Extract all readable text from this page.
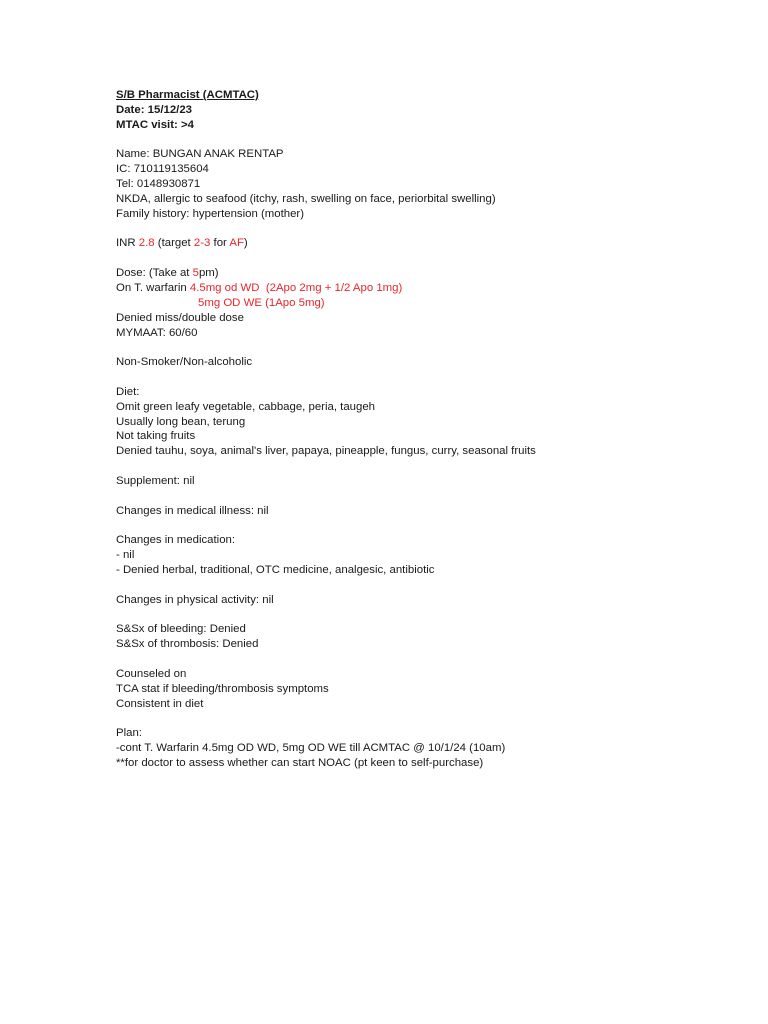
S/B Pharmacist (ACMTAC)
Date: 15/12/23
MTAC visit: >4
Name: BUNGAN ANAK RENTAP
IC: 710119135604
Tel: 0148930871
NKDA, allergic to seafood (itchy, rash, swelling on face, periorbital swelling)
Family history: hypertension (mother)
INR 2.8 (target 2-3 for AF)
Dose: (Take at 5pm)
On T. warfarin 4.5mg od WD  (2Apo 2mg + 1/2 Apo 1mg)
5mg OD WE (1Apo 5mg)
Denied miss/double dose
MYMAAT: 60/60
Non-Smoker/Non-alcoholic
Diet:
Omit green leafy vegetable, cabbage, peria, taugeh
Usually long bean, terung
Not taking fruits
Denied tauhu, soya, animal's liver, papaya, pineapple, fungus, curry, seasonal fruits
Supplement: nil
Changes in medical illness: nil
Changes in medication:
- nil
- Denied herbal, traditional, OTC medicine, analgesic, antibiotic
Changes in physical activity: nil
S&Sx of bleeding: Denied
S&Sx of thrombosis: Denied
Counseled on
TCA stat if bleeding/thrombosis symptoms
Consistent in diet
Plan:
-cont T. Warfarin 4.5mg OD WD, 5mg OD WE till ACMTAC @ 10/1/24 (10am)
**for doctor to assess whether can start NOAC (pt keen to self-purchase)
